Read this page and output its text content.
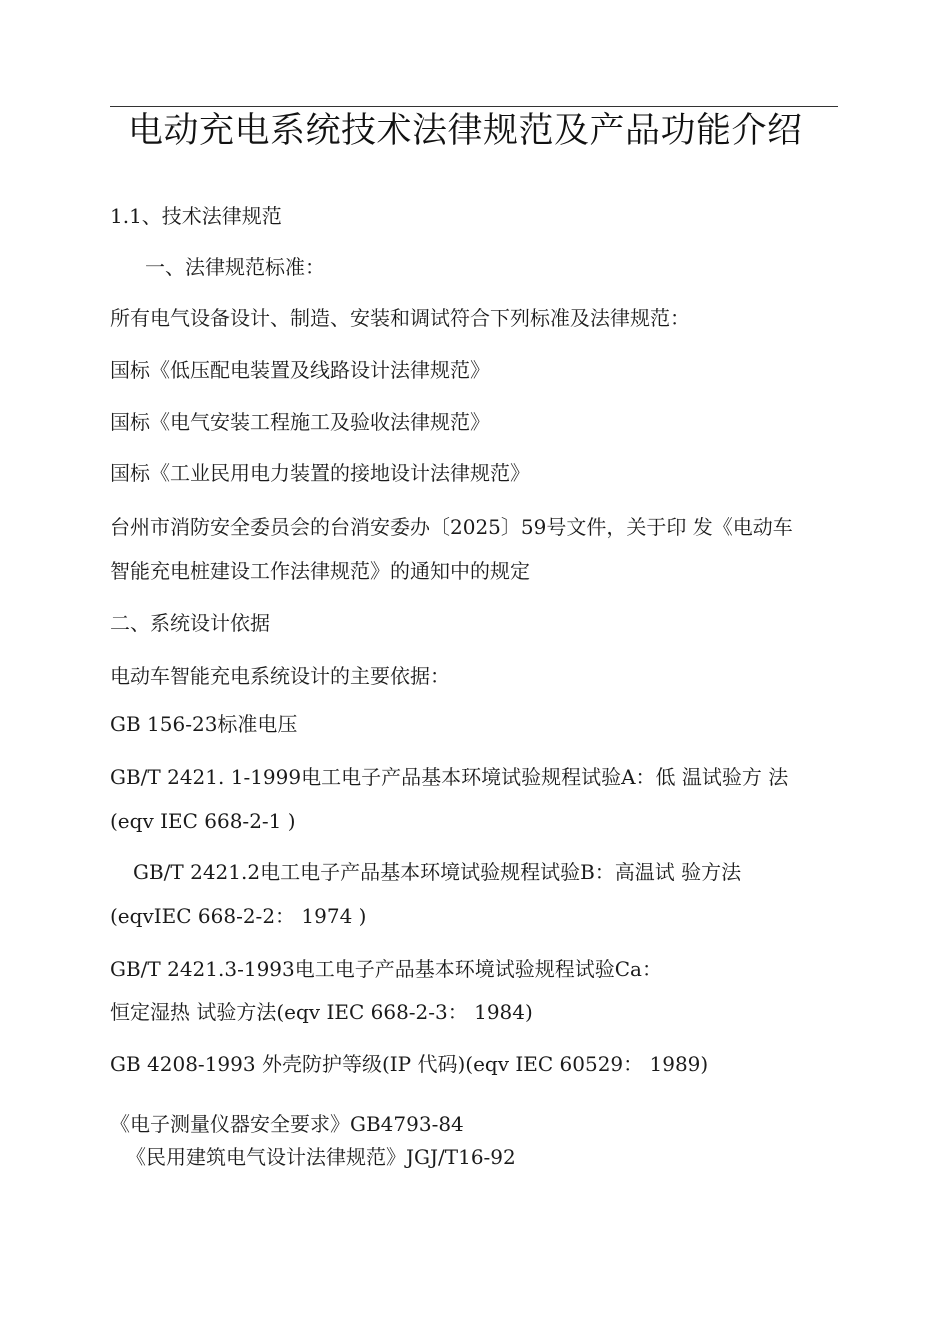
电动充电系统技术法律规范及产品功能介绍
1.1、技术法律规范
一、法律规范标准：
所有电气设备设计、制造、安装和调试符合下列标准及法律规范：
国标《低压配电装置及线路设计法律规范》
国标《电气安装工程施工及验收法律规范》
国标《工业民用电力装置的接地设计法律规范》
台州市消防安全委员会的台消安委办〔2025〕59号文件，关于印 发《电动车
智能充电桩建设工作法律规范》的通知中的规定
二、系统设计依据
电动车智能充电系统设计的主要依据：
GB 156-23标准电压
GB/T 2421. 1-1999电工电子产品基本环境试验规程试验A：低 温试验方 法
(eqv IEC 668-2-1 )
GB/T 2421.2电工电子产品基本环境试验规程试验B：高温试 验方法
(eqvIEC 668-2-2： 1974 )
GB/T 2421.3-1993电工电子产品基本环境试验规程试验Ca：
恒定湿热 试验方法(eqv IEC 668-2-3： 1984)
GB 4208-1993 外壳防护等级(IP 代码)(eqv IEC 60529： 1989)
《电子测量仪器安全要求》GB4793-84
《民用建筑电气设计法律规范》JGJ/T16-92
